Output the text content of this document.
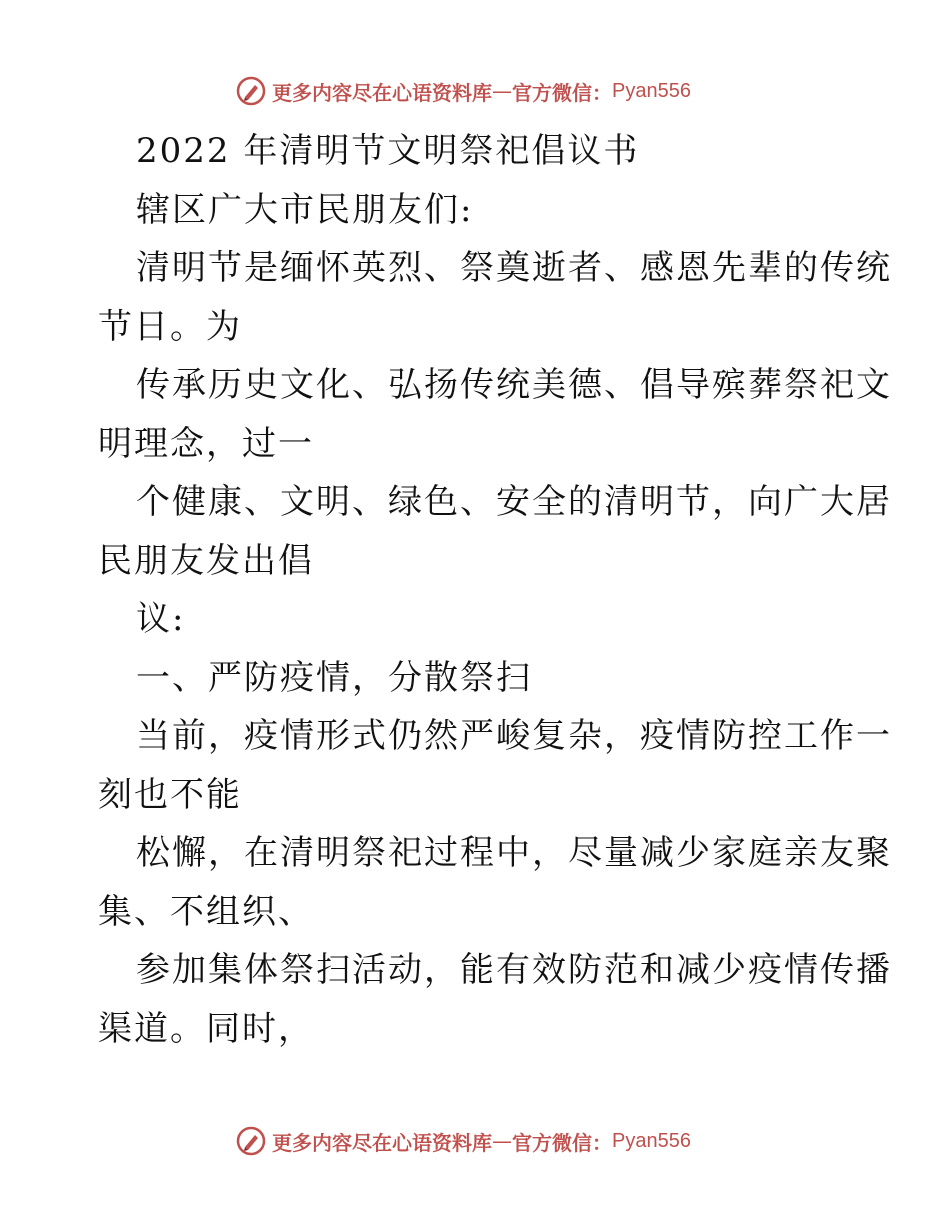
更多内容尽在心语资料库 — 官方微信： Pyan556

2022 年清明节文明祭祀倡议书

辖区广大市民朋友们:

清明节是缅怀英烈、祭奠逝者、感恩先辈的传统

节日。为

传承历史文化、弘扬传统美德、倡导殡葬祭祀文

明理念，过一

个健康、文明、绿色、安全的清明节，向广大居

民朋友发出倡

议:

一、严防疫情，分散祭扫

当前，疫情形式仍然严峻复杂，疫情防控工作一

刻也不能

松懈，在清明祭祀过程中，尽量减少家庭亲友聚

集、不组织、

参加集体祭扫活动，能有效防范和减少疫情传播

渠道。同时，

更多内容尽在心语资料库 — 官方微信： Pyan556
